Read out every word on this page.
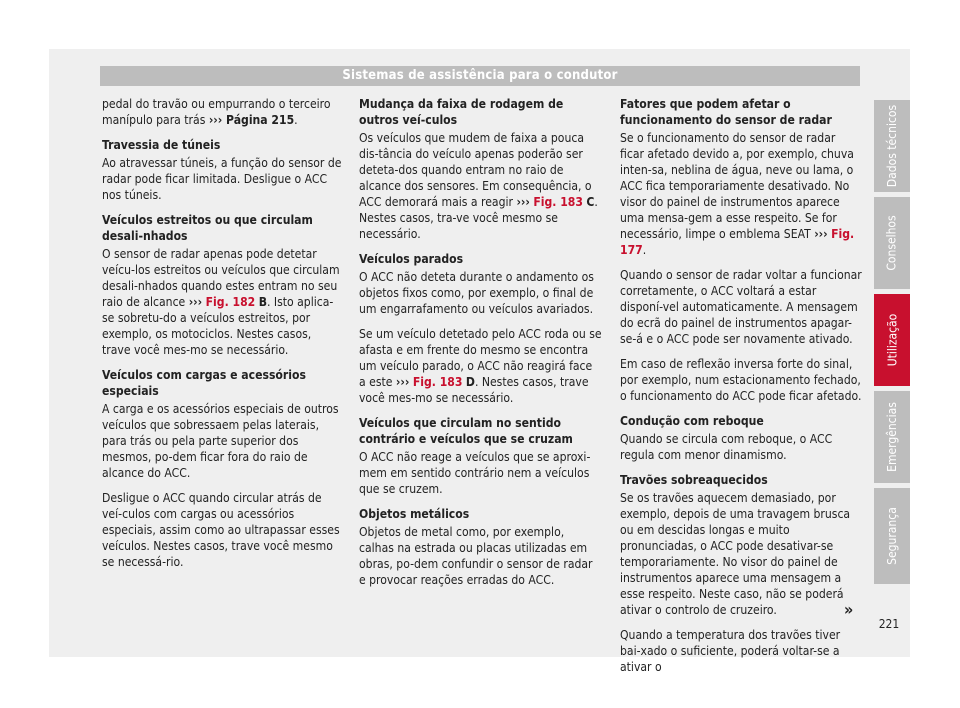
Sistemas de assistência para o condutor

pedal do travão ou empurrando o terceiro manípulo para trás ››› Página 215.

Travessia de túneis

Ao atravessar túneis, a função do sensor de radar pode ficar limitada. Desligue o ACC nos túneis.

Veículos estreitos ou que circulam desali-nhados

O sensor de radar apenas pode detetar veícu-los estreitos ou veículos que circulam desali-nhados quando estes entram no seu raio de alcance ››› Fig. 182 B. Isto aplica-se sobretu-do a veículos estreitos, por exemplo, os motociclos. Nestes casos, trave você mes-mo se necessário.

Veículos com cargas e acessórios especiais

A carga e os acessórios especiais de outros veículos que sobressaem pelas laterais, para trás ou pela parte superior dos mesmos, po-dem ficar fora do raio de alcance do ACC.

Desligue o ACC quando circular atrás de veí-culos com cargas ou acessórios especiais, assim como ao ultrapassar esses veículos. Nestes casos, trave você mesmo se necessá-rio.

Mudança da faixa de rodagem de outros veí-culos

Os veículos que mudem de faixa a pouca dis-tância do veículo apenas poderão ser deteta-dos quando entram no raio de alcance dos sensores. Em consequência, o ACC demorará mais a reagir ››› Fig. 183 C. Nestes casos, tra-ve você mesmo se necessário.

Veículos parados

O ACC não deteta durante o andamento os objetos fixos como, por exemplo, o final de um engarrafamento ou veículos avariados.

Se um veículo detetado pelo ACC roda ou se afasta e em frente do mesmo se encontra um veículo parado, o ACC não reagirá face a este ››› Fig. 183 D. Nestes casos, trave você mes-mo se necessário.

Veículos que circulam no sentido contrário e veículos que se cruzam

O ACC não reage a veículos que se aproxi-mem em sentido contrário nem a veículos que se cruzem.

Objetos metálicos

Objetos de metal como, por exemplo, calhas na estrada ou placas utilizadas em obras, po-dem confundir o sensor de radar e provocar reações erradas do ACC.

Fatores que podem afetar o funcionamento do sensor de radar

Se o funcionamento do sensor de radar ficar afetado devido a, por exemplo, chuva inten-sa, neblina de água, neve ou lama, o ACC fica temporariamente desativado. No visor do painel de instrumentos aparece uma mensa-gem a esse respeito. Se for necessário, limpe o emblema SEAT ››› Fig. 177.

Quando o sensor de radar voltar a funcionar corretamente, o ACC voltará a estar disponí-vel automaticamente. A mensagem do ecrã do painel de instrumentos apagar-se-á e o ACC pode ser novamente ativado.

Em caso de reflexão inversa forte do sinal, por exemplo, num estacionamento fechado, o funcionamento do ACC pode ficar afetado.

Condução com reboque

Quando se circula com reboque, o ACC regula com menor dinamismo.

Travões sobreaquecidos

Se os travões aquecem demasiado, por exemplo, depois de uma travagem brusca ou em descidas longas e muito pronunciadas, o ACC pode desativar-se temporariamente. No visor do painel de instrumentos aparece uma mensagem a esse respeito. Neste caso, não se poderá ativar o controlo de cruzeiro.

Quando a temperatura dos travões tiver bai-xado o suficiente, poderá voltar-se a ativar o

Dados técnicos
Conselhos
Utilização
Emergências
Segurança
»
221
